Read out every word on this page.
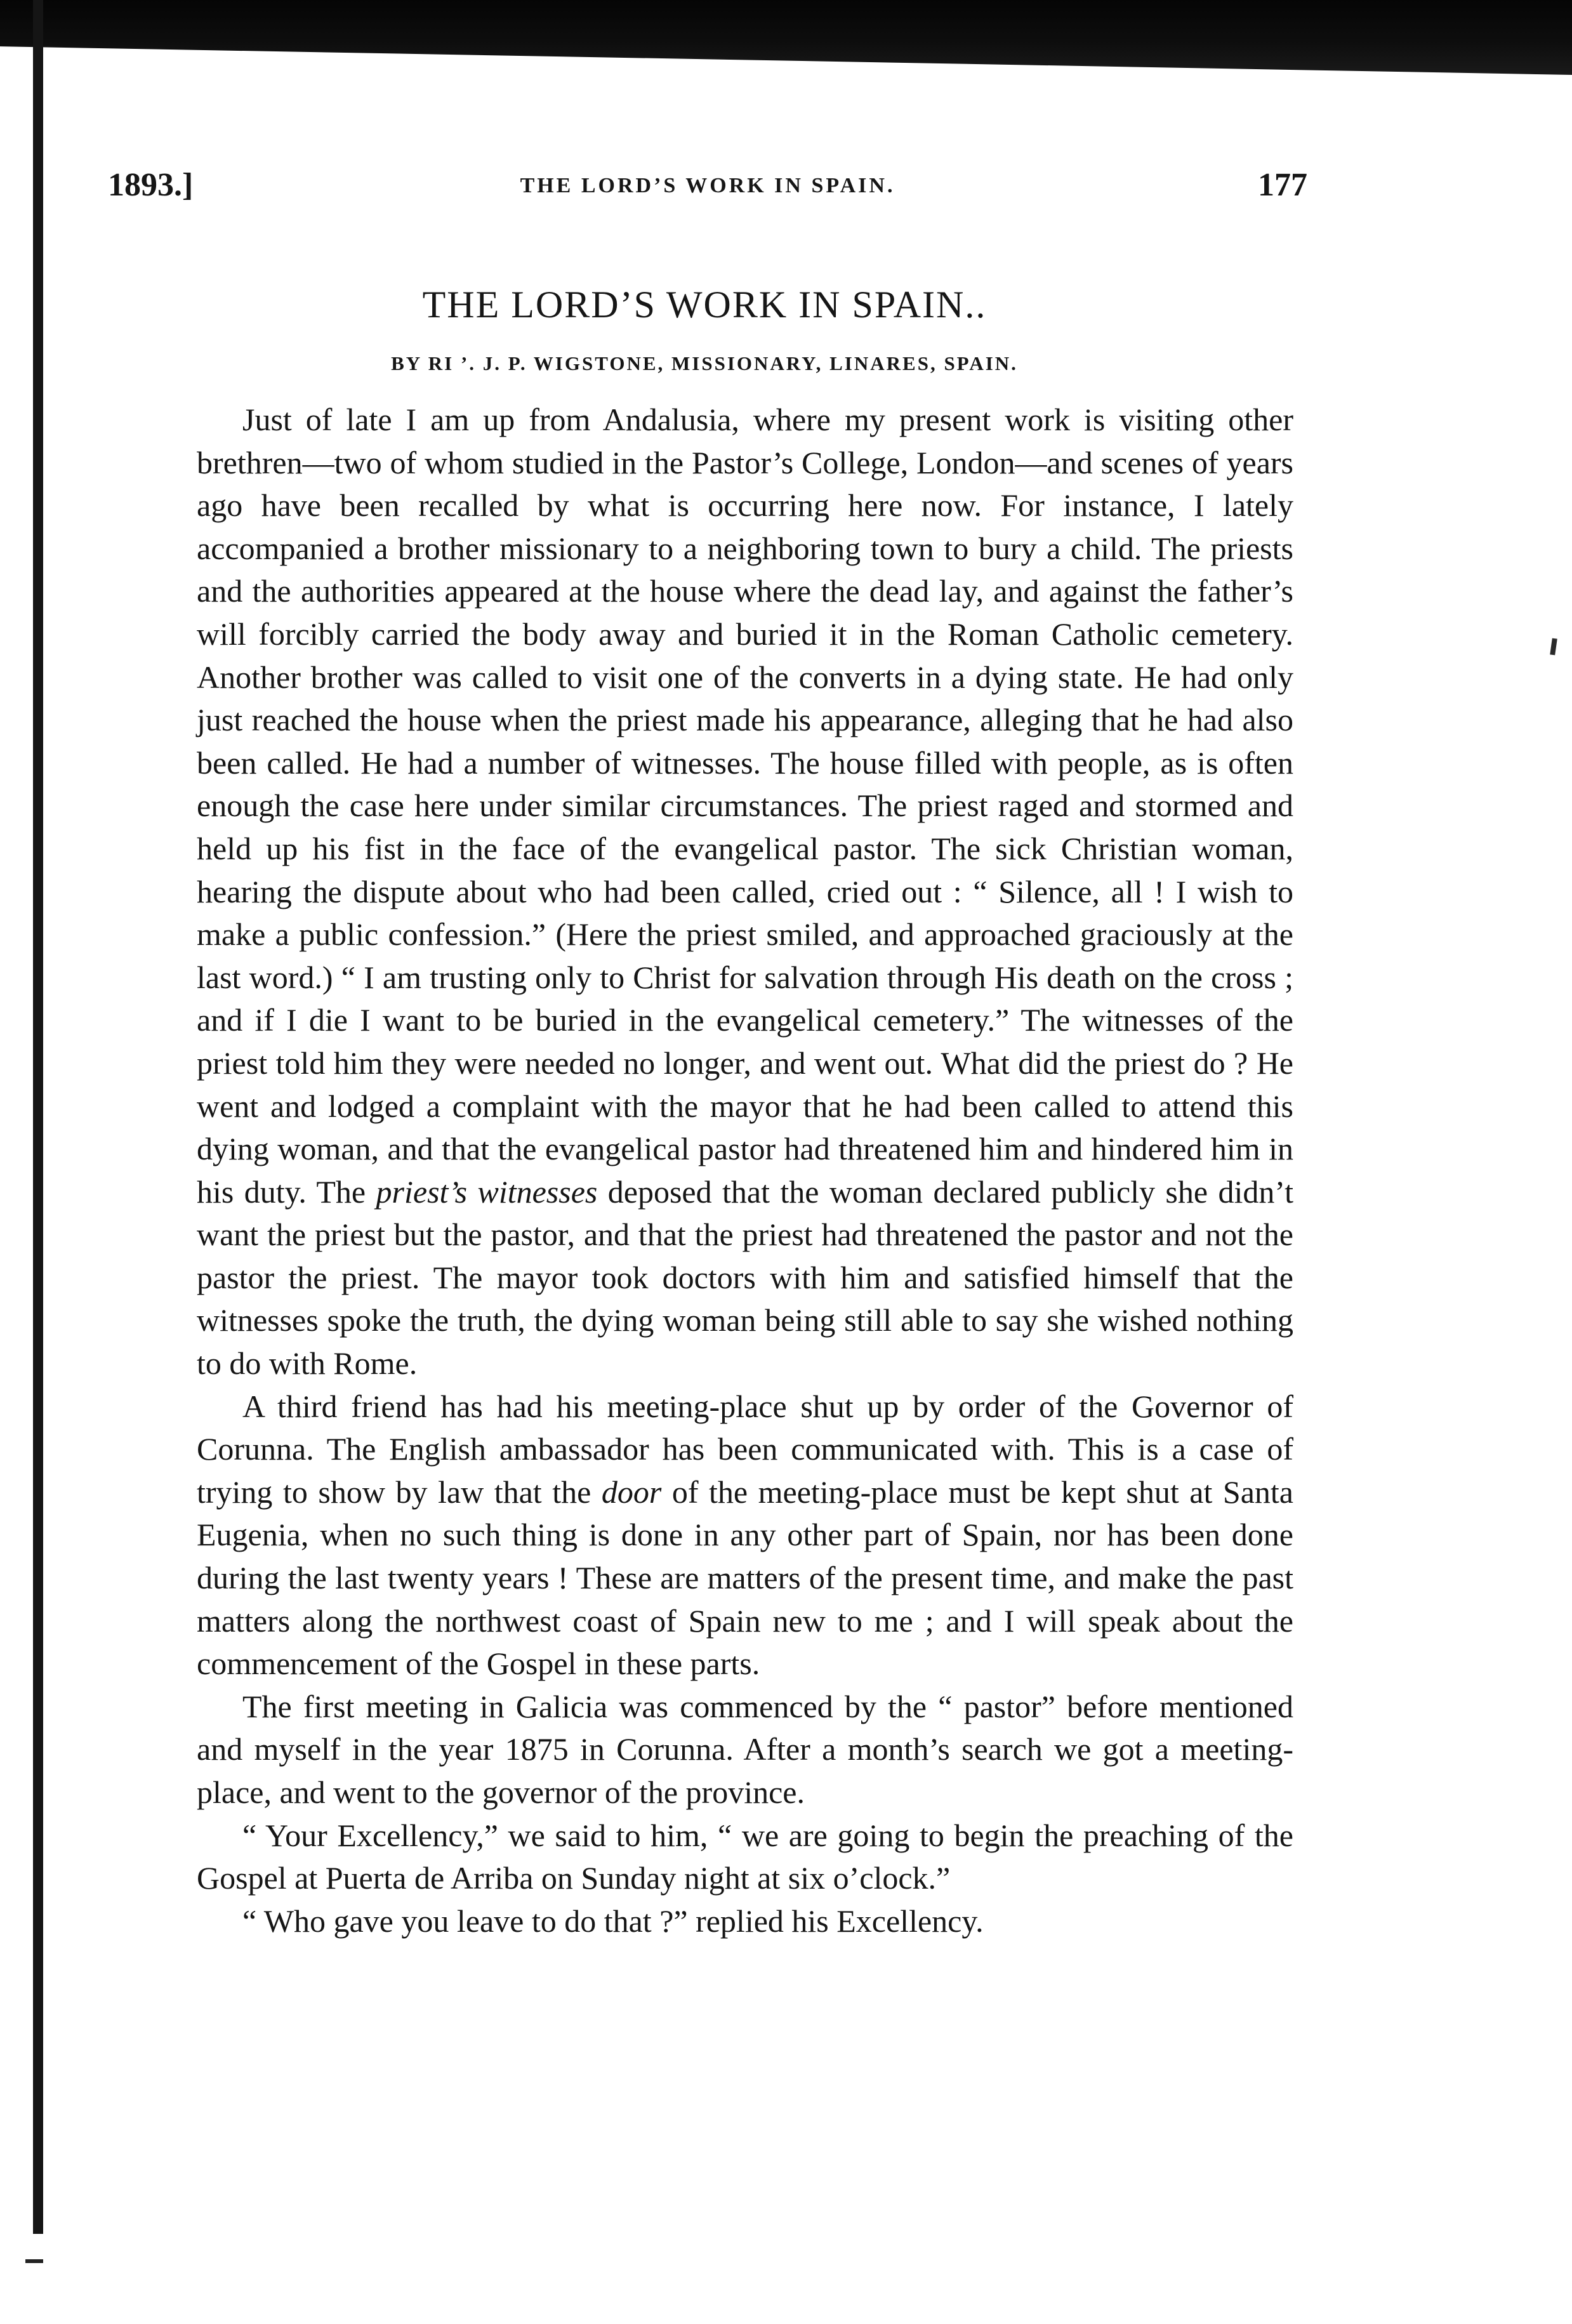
1893.]	THE LORD’S WORK IN SPAIN.	177
THE LORD’S WORK IN SPAIN..
BY RI ’. J. P. WIGSTONE, MISSIONARY, LINARES, SPAIN.

Just of late I am up from Andalusia, where my present work is visiting other brethren—two of whom studied in the Pastor’s College, London—and scenes of years ago have been recalled by what is occurring here now. For instance, I lately accompanied a brother missionary to a neighboring town to bury a child. The priests and the authorities appeared at the house where the dead lay, and against the father’s will forcibly carried the body away and buried it in the Roman Catholic cemetery. Another brother was called to visit one of the converts in a dying state. He had only just reached the house when the priest made his appearance, alleging that he had also been called. He had a number of witnesses. The house filled with people, as is often enough the case here under similar circumstances. The priest raged and stormed and held up his fist in the face of the evangelical pastor. The sick Christian woman, hearing the dispute about who had been called, cried out : “ Silence, all ! I wish to make a public confession.” (Here the priest smiled, and approached graciously at the last word.) “ I am trusting only to Christ for salvation through His death on the cross ; and if I die I want to be buried in the evangelical cemetery.” The witnesses of the priest told him they were needed no longer, and went out. What did the priest do ? He went and lodged a complaint with the mayor that he had been called to attend this dying woman, and that the evangelical pastor had threatened him and hindered him in his duty. The priest’s witnesses deposed that the woman declared publicly she didn’t want the priest but the pastor, and that the priest had threatened the pastor and not the pastor the priest. The mayor took doctors with him and satisfied himself that the witnesses spoke the truth, the dying woman being still able to say she wished nothing to do with Rome.

A third friend has had his meeting-place shut up by order of the Governor of Corunna. The English ambassador has been communicated with. This is a case of trying to show by law that the door of the meeting-place must be kept shut at Santa Eugenia, when no such thing is done in any other part of Spain, nor has been done during the last twenty years ! These are matters of the present time, and make the past matters along the northwest coast of Spain new to me ; and I will speak about the commencement of the Gospel in these parts.

The first meeting in Galicia was commenced by the “ pastor” before mentioned and myself in the year 1875 in Corunna. After a month’s search we got a meeting-place, and went to the governor of the province.

“ Your Excellency,” we said to him, “ we are going to begin the preaching of the Gospel at Puerta de Arriba on Sunday night at six o’clock.”

“ Who gave you leave to do that ?” replied his Excellency.
